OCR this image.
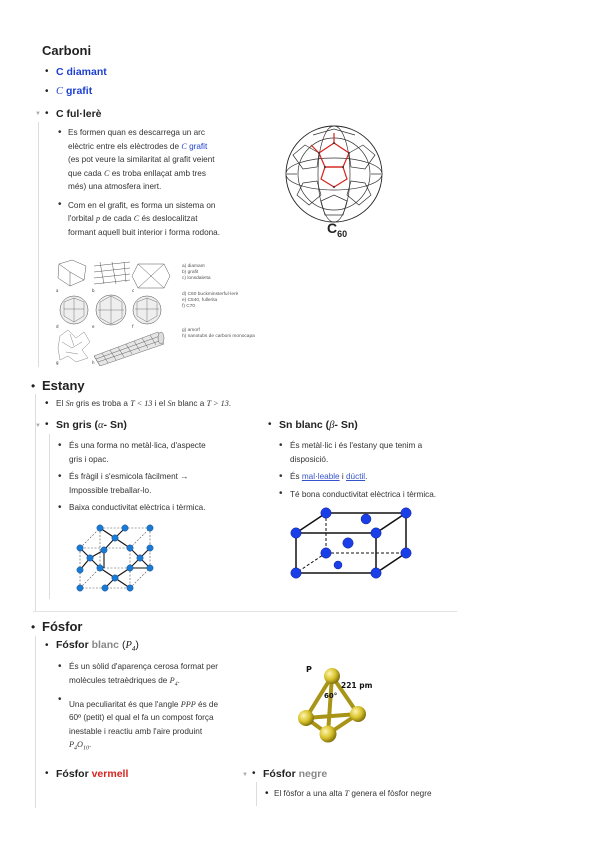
Carboni
• C diamant
• C grafit
▼ • C ful·lerè
• Es formen quan es descarrega un arc

elèctric entre els elèctrodes de C grafit

(es pot veure la similaritat al grafit veient

que cada C es troba enllaçat amb tres

més) una atmosfera inert.

• Com en el grafit, es forma un sistema on

l'orbital p de cada C és deslocalitzat

formant aquell buit interior i forma rodona.	$C_{60}$
a	b	c
d	e	f
g	h

a) diamant

b) grafit

c) lonsdaleïta

d) C60 buckminsterful·lerè

e) C540, fullerita

f) C70

g) amorf

h) nanotubs de carboni monocapa

• Estany
• El Sn gris es troba a T < 13 i el Sn blanc a T > 13.
▼ • Sn gris (α- Sn)
• És una forma no metàl·lica, d'aspecte

gris i opac.

• És fràgil i s'esmicola fàcilment →

Impossible treballar-lo.

• Baixa conductivitat elèctrica i tèrmica.

• Sn blanc (β- Sn)
• És metàl·lic i és l'estany que tenim a

disposició.

• És mal·leable i dúctil.

• Té bona conductivitat elèctrica i tèrmica.

• Fósfor
• Fósfor blanc $(P_4)$
• És un sòlid d'aparença cerosa format per

molècules tetraèdriques de $P_4$.

• Una peculiaritat és que l'angle PPP és de

60º (petit) el qual el fa un compost força

inestable i reactiu amb l'aire produint

$P_4O_{10}$.

P
221 pm
60°
• Fósfor vermell	▼ • Fósfor negre
• El fòsfor a una alta T genera el fòsfor negre
